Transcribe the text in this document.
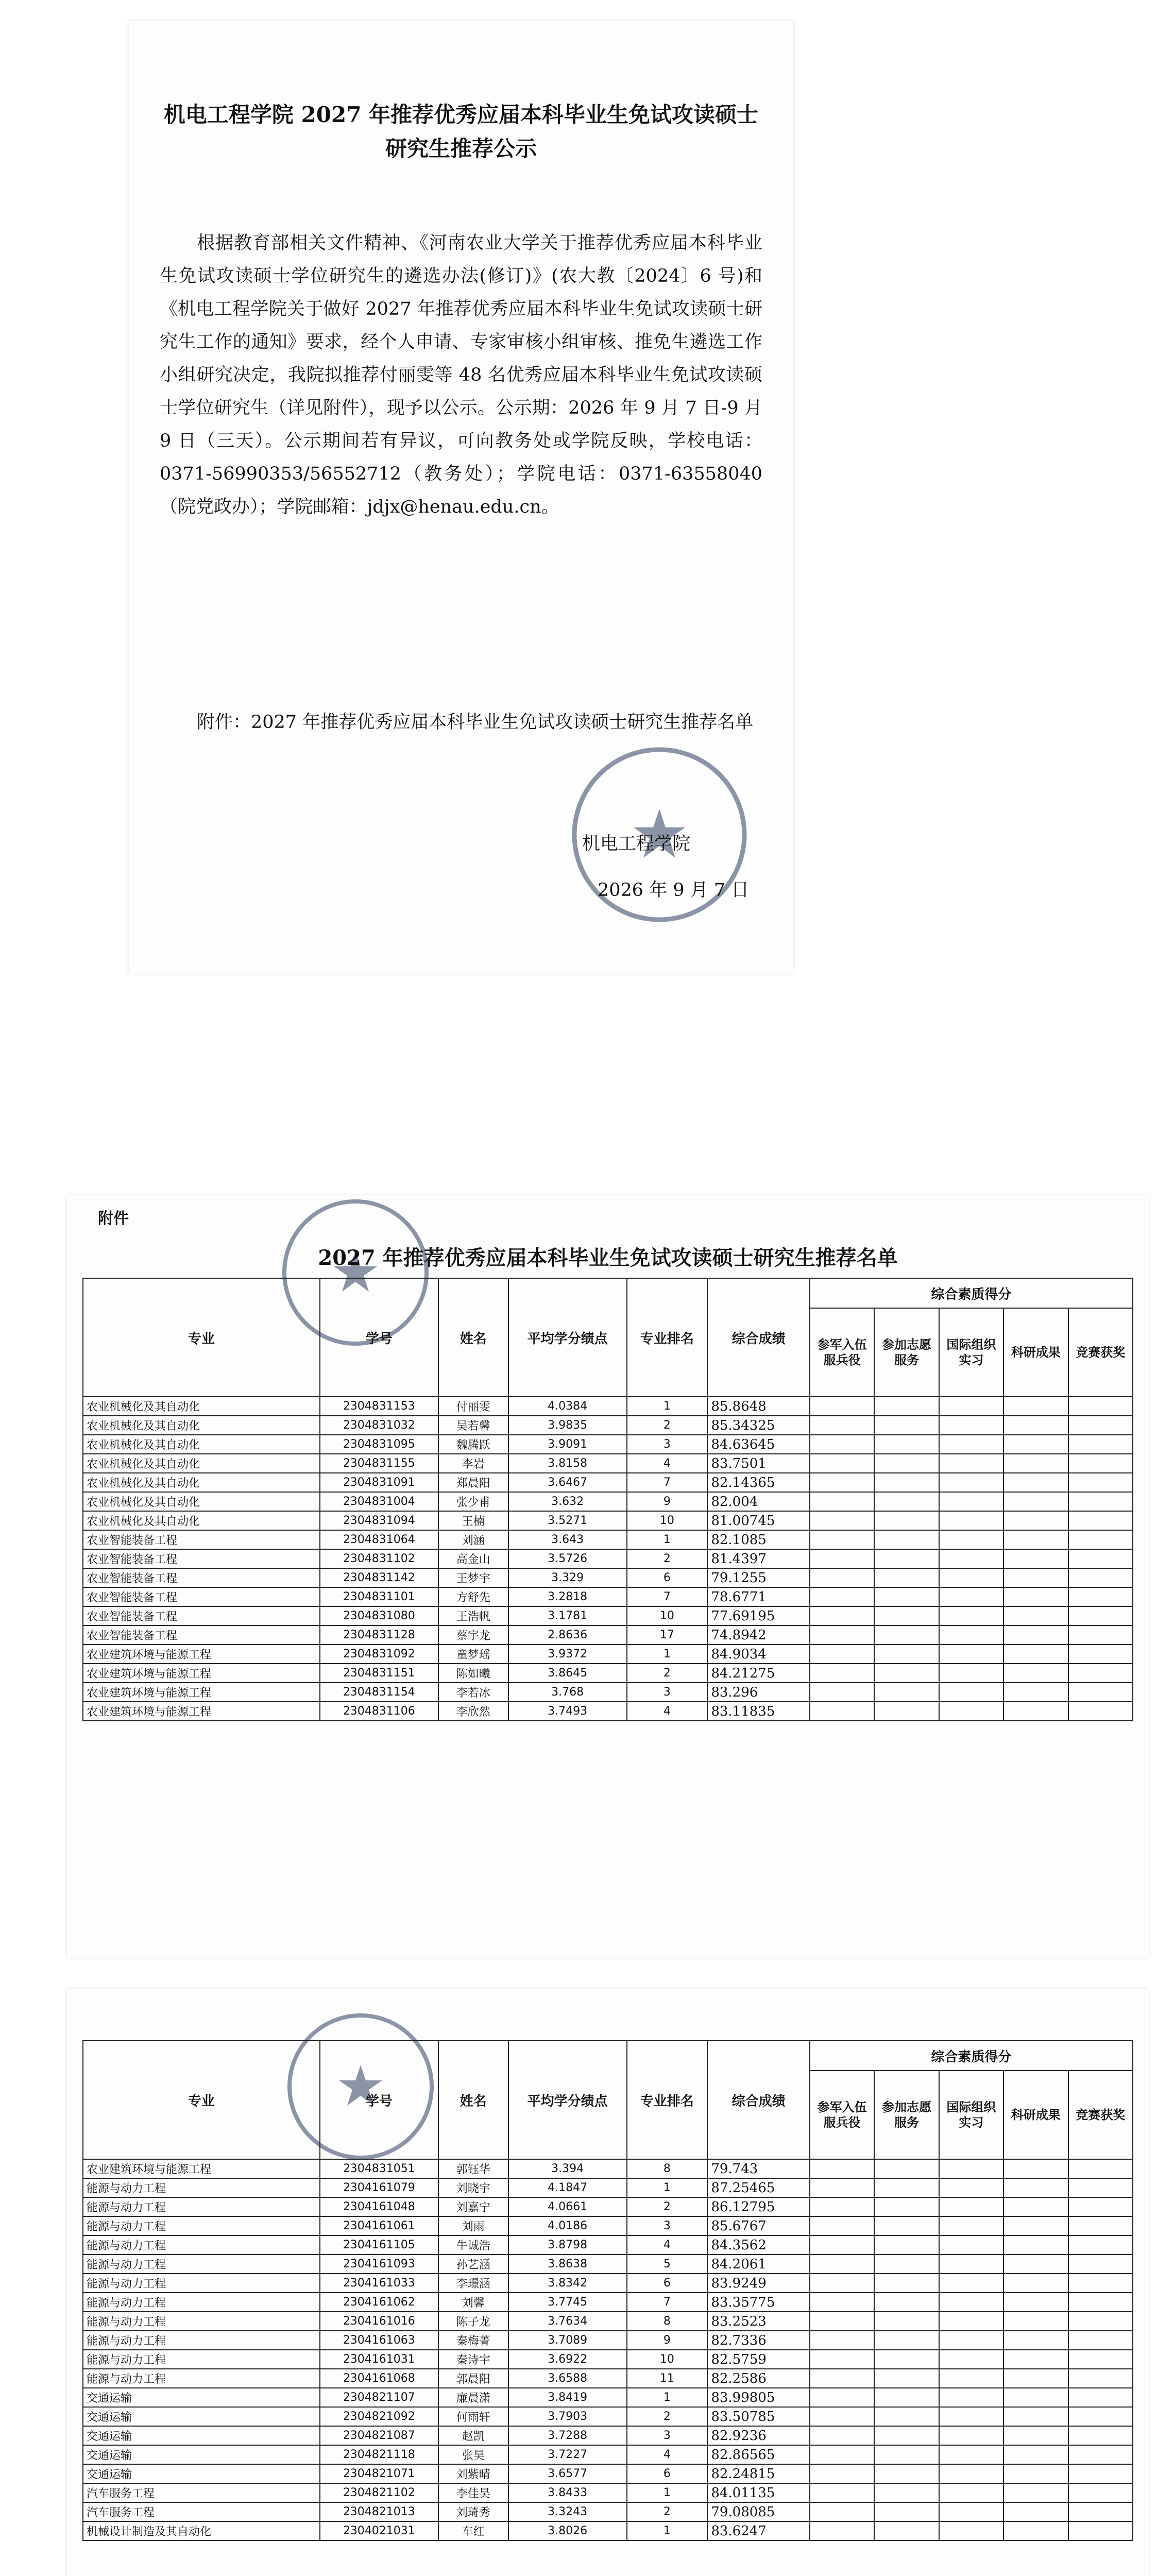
机电工程学院 2027 年推荐优秀应届本科毕业生免试攻读硕士研究生推荐公示
根据教育部相关文件精神、《河南农业大学关于推荐优秀应届本科毕业生免试攻读硕士学位研究生的遴选办法(修订)》(农大教〔2024〕6 号)和《机电工程学院关于做好 2027 年推荐优秀应届本科毕业生免试攻读硕士研究生工作的通知》要求，经个人申请、专家审核小组审核、推免生遴选工作小组研究决定，我院拟推荐付丽雯等 48 名优秀应届本科毕业生免试攻读硕士学位研究生（详见附件），现予以公示。公示期：2026 年 9 月 7 日-9 月 9 日（三天）。公示期间若有异议，可向教务处或学院反映，学校电话：0371-56990353/56552712（教务处）；学院电话：0371-63558040（院党政办）；学院邮箱：jdjx@henau.edu.cn。
附件：2027 年推荐优秀应届本科毕业生免试攻读硕士研究生推荐名单
机电工程学院
2026 年 9 月 7 日
附件
2027 年推荐优秀应届本科毕业生免试攻读硕士研究生推荐名单
专业	学号	姓名	平均学分绩点	专业排名	综合成绩	综合素质得分				
						参军入伍服兵役	参加志愿服务	国际组织实习	科研成果	竞赛获奖
农业机械化及其自动化	2304831153	付丽雯	4.0384	1	85.8648					
农业机械化及其自动化	2304831032	吴若馨	3.9835	2	85.34325					
农业机械化及其自动化	2304831095	魏腾跃	3.9091	3	84.63645					
农业机械化及其自动化	2304831155	李岩	3.8158	4	83.7501					
农业机械化及其自动化	2304831091	郑晨阳	3.6467	7	82.14365					
农业机械化及其自动化	2304831004	张少甫	3.632	9	82.004					
农业机械化及其自动化	2304831094	王楠	3.5271	10	81.00745					
农业智能装备工程	2304831064	刘涵	3.643	1	82.1085					
农业智能装备工程	2304831102	高金山	3.5726	2	81.4397					
农业智能装备工程	2304831142	王梦宇	3.329	6	79.1255					
农业智能装备工程	2304831101	方舒先	3.2818	7	78.6771					
农业智能装备工程	2304831080	王浩帆	3.1781	10	77.69195					
农业智能装备工程	2304831128	蔡宇龙	2.8636	17	74.8942					
农业建筑环境与能源工程	2304831092	童梦瑶	3.9372	1	84.9034					
农业建筑环境与能源工程	2304831151	陈如曦	3.8645	2	84.21275					
农业建筑环境与能源工程	2304831154	李若冰	3.768	3	83.296					
农业建筑环境与能源工程	2304831106	李欣然	3.7493	4	83.11835					
专业	学号	姓名	平均学分绩点	专业排名	综合成绩	综合素质得分				
						参军入伍服兵役	参加志愿服务	国际组织实习	科研成果	竞赛获奖
农业建筑环境与能源工程	2304831051	郭钰华	3.394	8	79.743					
能源与动力工程	2304161079	刘晓宇	4.1847	1	87.25465					
能源与动力工程	2304161048	刘嘉宁	4.0661	2	86.12795					
能源与动力工程	2304161061	刘雨	4.0186	3	85.6767					
能源与动力工程	2304161105	牛诚浩	3.8798	4	84.3562					
能源与动力工程	2304161093	孙艺涵	3.8638	5	84.2061					
能源与动力工程	2304161033	李璟涵	3.8342	6	83.9249					
能源与动力工程	2304161062	刘馨	3.7745	7	83.35775					
能源与动力工程	2304161016	陈子龙	3.7634	8	83.2523					
能源与动力工程	2304161063	秦梅菁	3.7089	9	82.7336					
能源与动力工程	2304161031	秦诗宇	3.6922	10	82.5759					
能源与动力工程	2304161068	郭晨阳	3.6588	11	82.2586					
交通运输	2304821107	廉晨潇	3.8419	1	83.99805					
交通运输	2304821092	何雨轩	3.7903	2	83.50785					
交通运输	2304821087	赵凯	3.7288	3	82.9236					
交通运输	2304821118	张昊	3.7227	4	82.86565					
交通运输	2304821071	刘紫晴	3.6577	6	82.24815					
汽车服务工程	2304821102	李佳昊	3.8433	1	84.01135					
汽车服务工程	2304821013	刘琦秀	3.3243	2	79.08085					
机械设计制造及其自动化	2304021031	车红	3.8026	1	83.6247					
